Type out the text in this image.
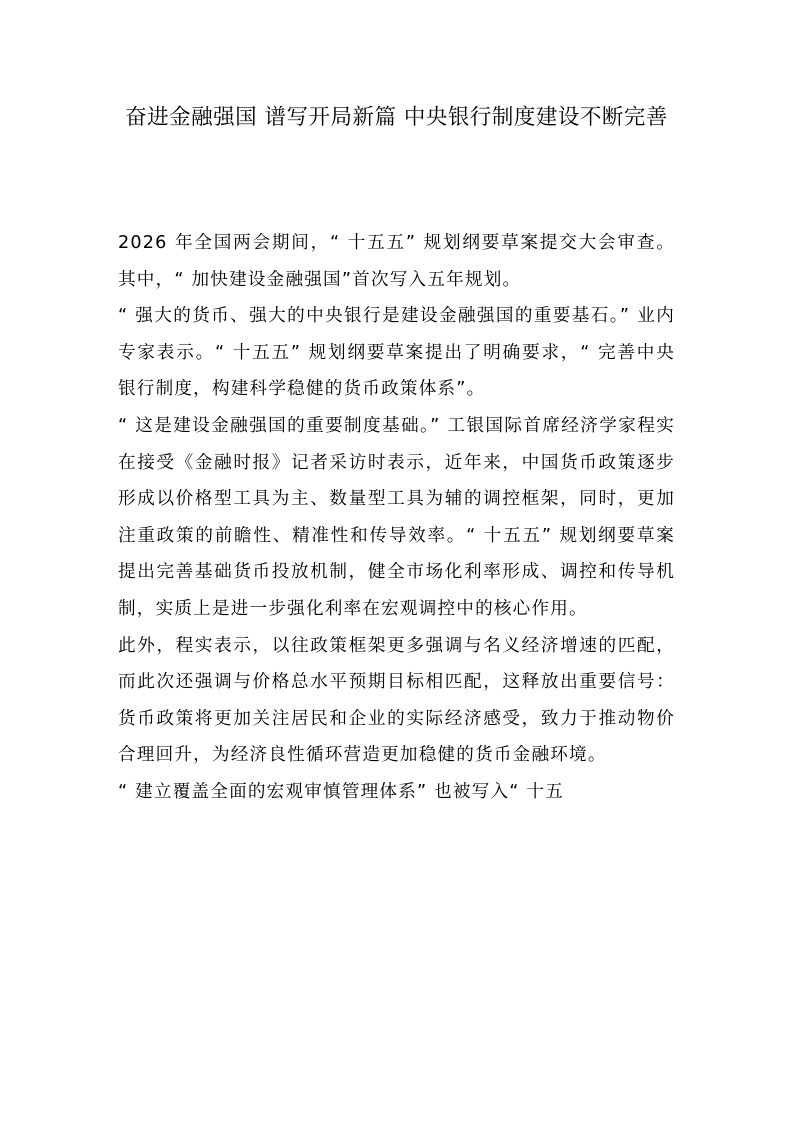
奋进金融强国 谱写开局新篇 中央银行制度建设不断完善

2026 年全国两会期间，“ 十五五” 规划纲要草案提交大会审查。其中，“ 加快建设金融强国”首次写入五年规划。

“ 强大的货币、强大的中央银行是建设金融强国的重要基石。” 业内专家表示。“ 十五五” 规划纲要草案提出了明确要求，“ 完善中央银行制度，构建科学稳健的货币政策体系”。

“ 这是建设金融强国的重要制度基础。” 工银国际首席经济学家程实在接受《金融时报》记者采访时表示，近年来，中国货币政策逐步形成以价格型工具为主、数量型工具为辅的调控框架，同时，更加注重政策的前瞻性、精准性和传导效率。“ 十五五” 规划纲要草案提出完善基础货币投放机制，健全市场化利率形成、调控和传导机制，实质上是进一步强化利率在宏观调控中的核心作用。

此外，程实表示，以往政策框架更多强调与名义经济增速的匹配，而此次还强调与价格总水平预期目标相匹配，这释放出重要信号：货币政策将更加关注居民和企业的实际经济感受，致力于推动物价合理回升，为经济良性循环营造更加稳健的货币金融环境。

“ 建立覆盖全面的宏观审慎管理体系” 也被写入“ 十五
